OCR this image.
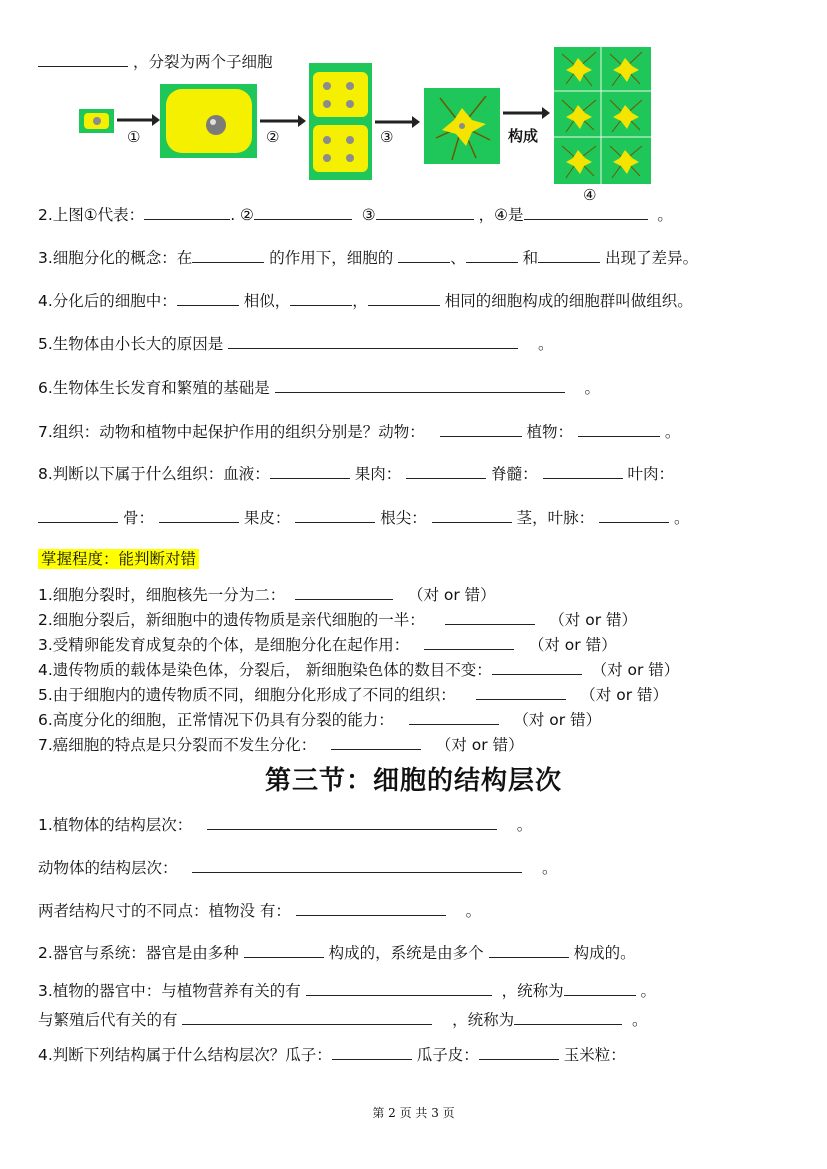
，分裂为两个子细胞
①	②	③	构成
④
2.上图①代表：	. ②	③	，④是	。
3.细胞分化的概念：在	的作用下，细胞的	、	和	出现了差异。
4.分化后的细胞中：	相似，	，	相同的细胞构成的细胞群叫做组织。
5.生物体由小长大的原因是	。
6.生物体生长发育和繁殖的基础是	。
7.组织：动物和植物中起保护作用的组织分别是？动物：	植物：	。
8.判断以下属于什么组织：血液：	果肉：	脊髓：	叶肉：
骨：	果皮：	根尖：	茎，叶脉：	。
掌握程度：能判断对错
1.细胞分裂时，细胞核先一分为二：	（对 or 错）
2.细胞分裂后，新细胞中的遗传物质是亲代细胞的一半：	（对 or 错）
3.受精卵能发育成复杂的个体，是细胞分化在起作用：	（对 or 错）
4.遗传物质的载体是染色体，分裂后， 新细胞染色体的数目不变：	（对 or 错）
5.由于细胞内的遗传物质不同，细胞分化形成了不同的组织：	（对 or 错）
6.高度分化的细胞，正常情况下仍具有分裂的能力：	（对 or 错）
7.癌细胞的特点是只分裂而不发生分化：	（对 or 错）
第三节：细胞的结构层次
1.植物体的结构层次：	。
动物体的结构层次：	。
两者结构尺寸的不同点：植物没 有：	。
2.器官与系统：器官是由多种	构成的，系统是由多个	构成的。
3.植物的器官中：与植物营养有关的有	，统称为	。
与繁殖后代有关的有	，统称为	。
4.判断下列结构属于什么结构层次？瓜子：	瓜子皮：	玉米粒：
第 2 页 共 3 页
